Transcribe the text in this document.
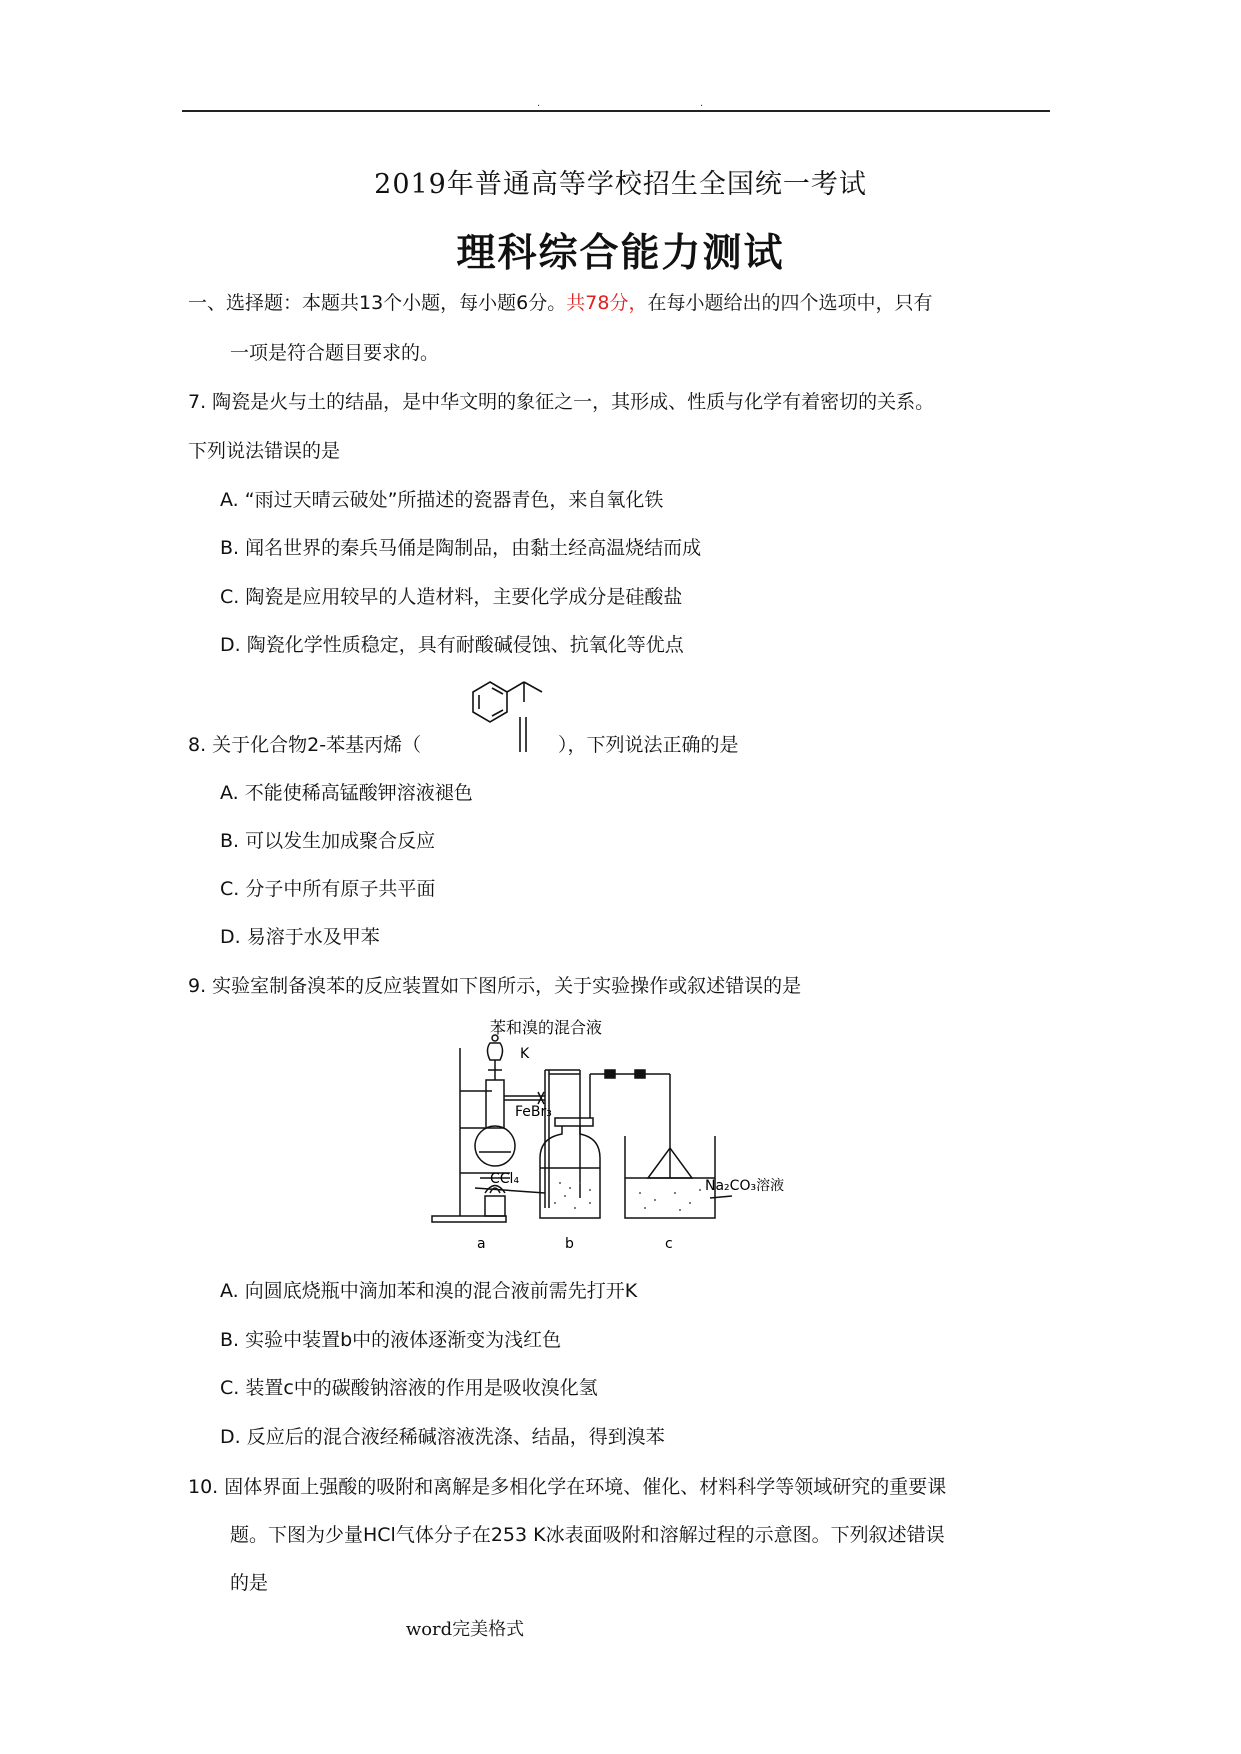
.	.
2019年普通高等学校招生全国统一考试
理科综合能力测试
一、选择题：本题共13个小题，每小题6分。共78分，在每小题给出的四个选项中，只有
一项是符合题目要求的。
7. 陶瓷是火与土的结晶，是中华文明的象征之一，其形成、性质与化学有着密切的关系。
下列说法错误的是
A. “雨过天晴云破处”所描述的瓷器青色，来自氧化铁
B. 闻名世界的秦兵马俑是陶制品，由黏土经高温烧结而成
C. 陶瓷是应用较早的人造材料，主要化学成分是硅酸盐
D. 陶瓷化学性质稳定，具有耐酸碱侵蚀、抗氧化等优点
8. 关于化合物2-苯基丙烯（	），下列说法正确的是
A. 不能使稀高锰酸钾溶液褪色
B. 可以发生加成聚合反应
C. 分子中所有原子共平面
D. 易溶于水及甲苯
9. 实验室制备溴苯的反应装置如下图所示，关于实验操作或叙述错误的是
苯和溴的混合液
K
FeBr₃
CCl₄	Na₂CO₃溶液
a	b	c
A. 向圆底烧瓶中滴加苯和溴的混合液前需先打开K
B. 实验中装置b中的液体逐渐变为浅红色
C. 装置c中的碳酸钠溶液的作用是吸收溴化氢
D. 反应后的混合液经稀碱溶液洗涤、结晶，得到溴苯
10. 固体界面上强酸的吸附和离解是多相化学在环境、催化、材料科学等领域研究的重要课
题。下图为少量HCl气体分子在253 K冰表面吸附和溶解过程的示意图。下列叙述错误
的是
word完美格式
